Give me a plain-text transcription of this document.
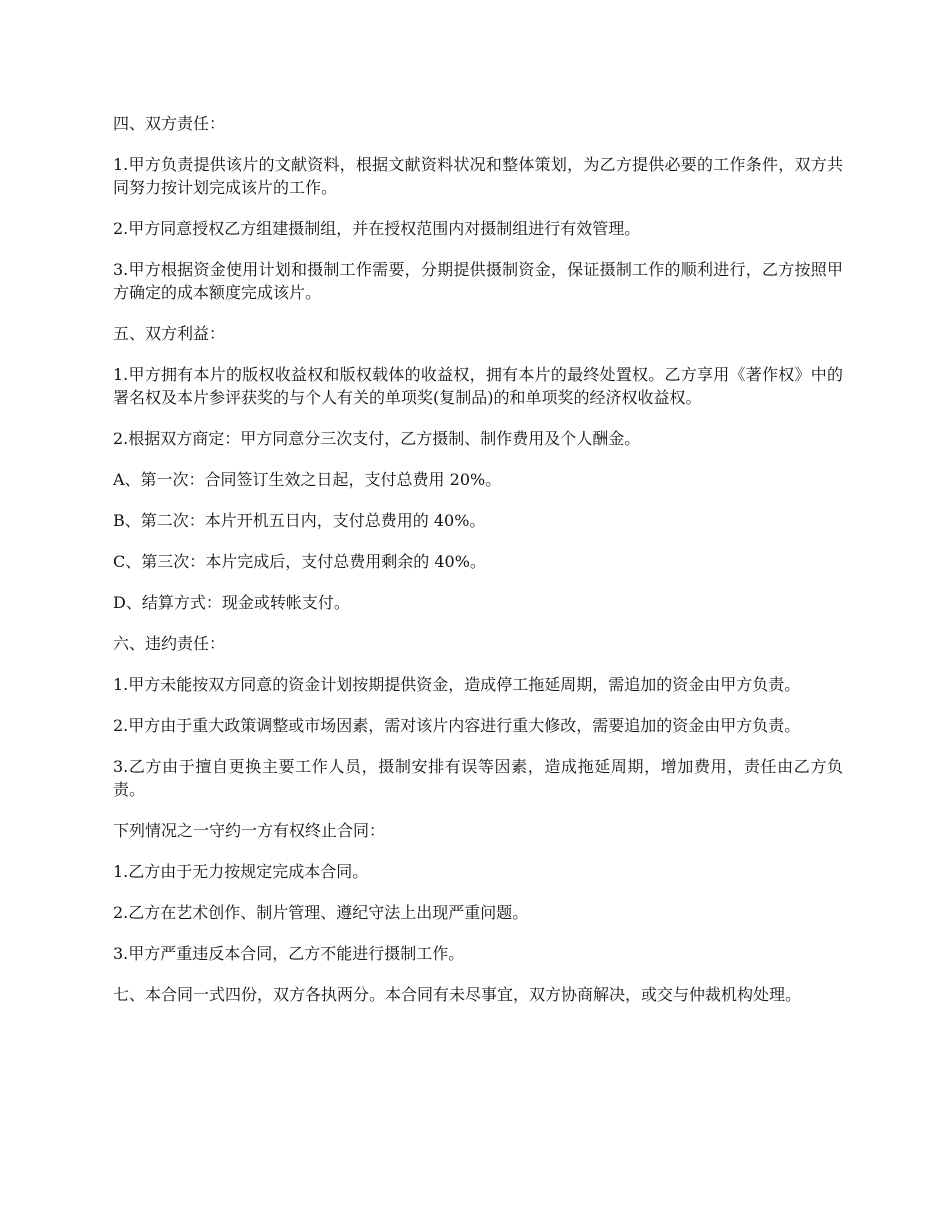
四、双方责任：

1.甲方负责提供该片的文献资料，根据文献资料状况和整体策划，为乙方提供必要的工作条件，双方共同努力按计划完成该片的工作。

2.甲方同意授权乙方组建摄制组，并在授权范围内对摄制组进行有效管理。

3.甲方根据资金使用计划和摄制工作需要，分期提供摄制资金，保证摄制工作的顺利进行，乙方按照甲方确定的成本额度完成该片。

五、双方利益：

1.甲方拥有本片的版权收益权和版权载体的收益权，拥有本片的最终处置权。乙方享用《著作权》中的署名权及本片参评获奖的与个人有关的单项奖(复制品)的和单项奖的经济权收益权。

2.根据双方商定：甲方同意分三次支付，乙方摄制、制作费用及个人酬金。

A、第一次：合同签订生效之日起，支付总费用 20%。

B、第二次：本片开机五日内，支付总费用的 40%。

C、第三次：本片完成后，支付总费用剩余的 40%。

D、结算方式：现金或转帐支付。

六、违约责任：

1.甲方未能按双方同意的资金计划按期提供资金，造成停工拖延周期，需追加的资金由甲方负责。

2.甲方由于重大政策调整或市场因素，需对该片内容进行重大修改，需要追加的资金由甲方负责。

3.乙方由于擅自更换主要工作人员，摄制安排有误等因素，造成拖延周期，增加费用，责任由乙方负责。

下列情况之一守约一方有权终止合同：

1.乙方由于无力按规定完成本合同。

2.乙方在艺术创作、制片管理、遵纪守法上出现严重问题。

3.甲方严重违反本合同，乙方不能进行摄制工作。

七、本合同一式四份，双方各执两分。本合同有未尽事宜，双方协商解决，或交与仲裁机构处理。
